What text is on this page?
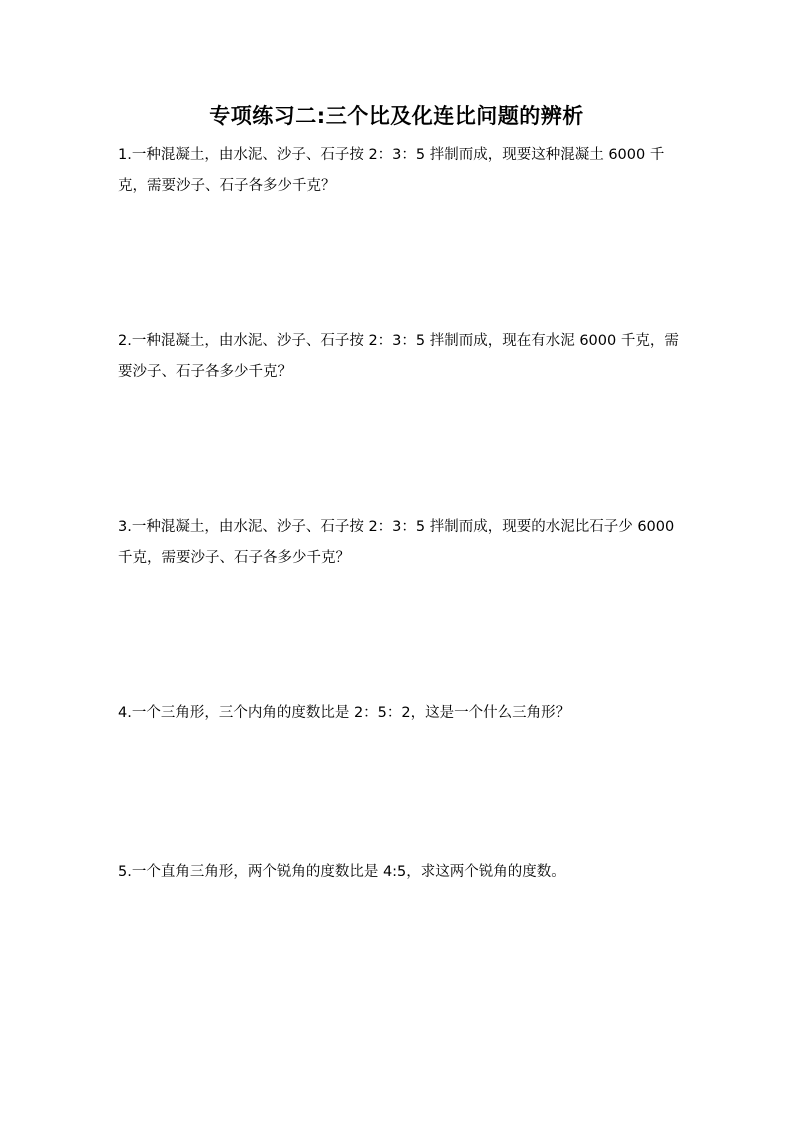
专项练习二:三个比及化连比问题的辨析
1.一种混凝土，由水泥、沙子、石子按 2：3：5 拌制而成，现要这种混凝土 6000 千克，需要沙子、石子各多少千克？
2.一种混凝土，由水泥、沙子、石子按 2：3：5 拌制而成，现在有水泥 6000 千克，需要沙子、石子各多少千克？
3.一种混凝土，由水泥、沙子、石子按 2：3：5 拌制而成，现要的水泥比石子少 6000 千克，需要沙子、石子各多少千克？
4.一个三角形，三个内角的度数比是 2：5：2，这是一个什么三角形？
5.一个直角三角形，两个锐角的度数比是 4:5，求这两个锐角的度数。
